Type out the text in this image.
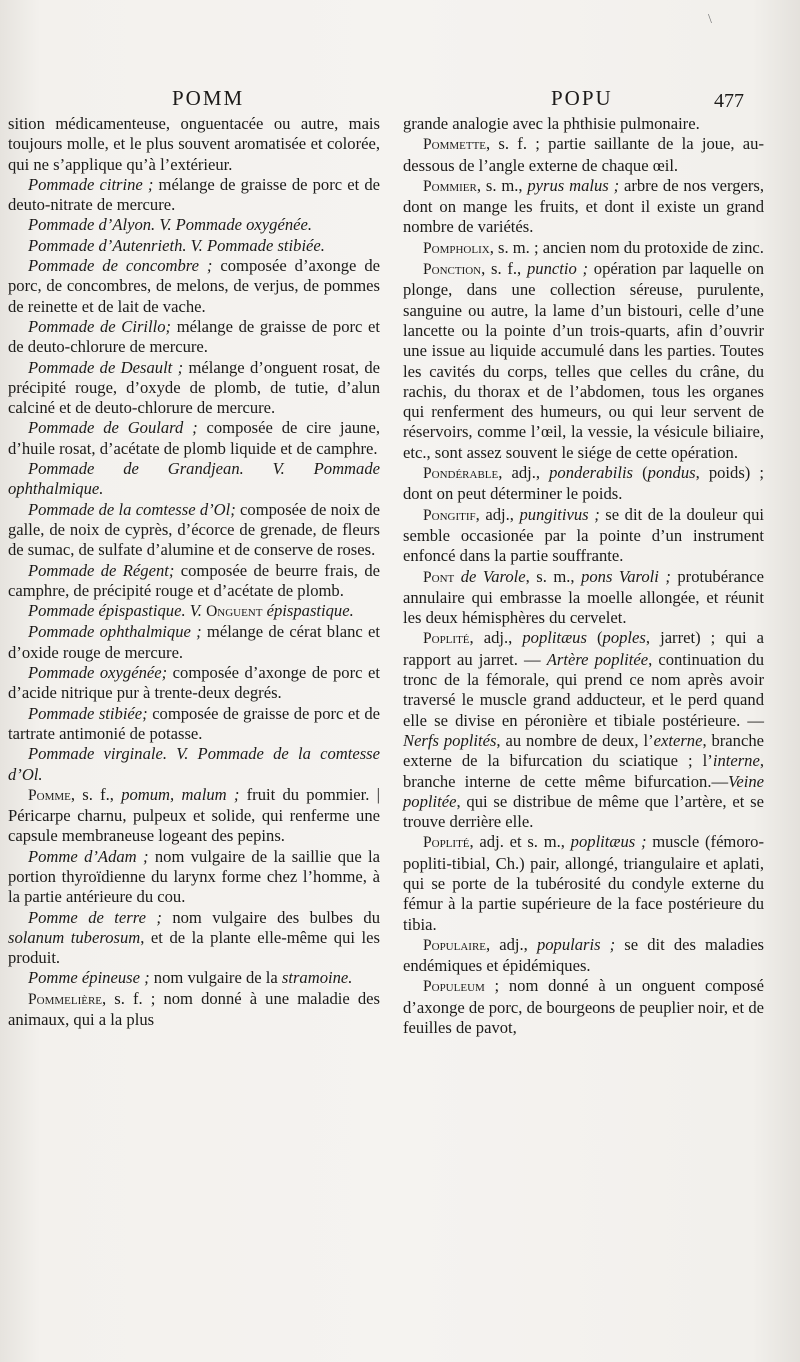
POMM	POPU	477
\

sition médicamenteuse, onguentacée ou autre, mais toujours molle, et le plus souvent aromatisée et colorée, qui ne s’applique qu’à l’extérieur.

Pommade citrine ; mélange de graisse de porc et de deuto-nitrate de mercure.

Pommade d’Alyon. V. Pommade oxygénée.

Pommade d’Autenrieth. V. Pommade stibiée.

Pommade de concombre ; composée d’axonge de porc, de concombres, de melons, de verjus, de pommes de reinette et de lait de vache.

Pommade de Cirillo; mélange de graisse de porc et de deuto-chlorure de mercure.

Pommade de Desault ; mélange d’onguent rosat, de précipité rouge, d’oxyde de plomb, de tutie, d’alun calciné et de deuto-chlorure de mercure.

Pommade de Goulard ; composée de cire jaune, d’huile rosat, d’acétate de plomb liquide et de camphre.

Pommade de Grandjean. V. Pommade ophthalmique.

Pommade de la comtesse d’Ol; composée de noix de galle, de noix de cyprès, d’écorce de grenade, de fleurs de sumac, de sulfate d’alumine et de conserve de roses.

Pommade de Régent; composée de beurre frais, de camphre, de précipité rouge et d’acétate de plomb.

Pommade épispastique. V. Onguent épispastique.

Pommade ophthalmique ; mélange de cérat blanc et d’oxide rouge de mercure.

Pommade oxygénée; composée d’axonge de porc et d’acide nitrique pur à trente-deux degrés.

Pommade stibiée; composée de graisse de porc et de tartrate antimonié de potasse.

Pommade virginale. V. Pommade de la comtesse d’Ol.

Pomme, s. f., pomum, malum ; fruit du pommier. | Péricarpe charnu, pulpeux et solide, qui renferme une capsule membraneuse logeant des pepins.

Pomme d’Adam ; nom vulgaire de la saillie que la portion thyroïdienne du larynx forme chez l’homme, à la partie antérieure du cou.

Pomme de terre ; nom vulgaire des bulbes du solanum tuberosum, et de la plante elle-même qui les produit.

Pomme épineuse ; nom vulgaire de la stramoine.

Pommelière, s. f. ; nom donné à une maladie des animaux, qui a la plus

grande analogie avec la phthisie pulmonaire.

Pommette, s. f. ; partie saillante de la joue, au-dessous de l’angle externe de chaque œil.

Pommier, s. m., pyrus malus ; arbre de nos vergers, dont on mange les fruits, et dont il existe un grand nombre de variétés.

Pompholix, s. m. ; ancien nom du protoxide de zinc.

Ponction, s. f., punctio ; opération par laquelle on plonge, dans une collection séreuse, purulente, sanguine ou autre, la lame d’un bistouri, celle d’une lancette ou la pointe d’un trois-quarts, afin d’ouvrir une issue au liquide accumulé dans les parties. Toutes les cavités du corps, telles que celles du crâne, du rachis, du thorax et de l’abdomen, tous les organes qui renferment des humeurs, ou qui leur servent de réservoirs, comme l’œil, la vessie, la vésicule biliaire, etc., sont assez souvent le siége de cette opération.

Pondérable, adj., ponderabilis (pondus, poids) ; dont on peut déterminer le poids.

Pongitif, adj., pungitivus ; se dit de la douleur qui semble occasionée par la pointe d’un instrument enfoncé dans la partie souffrante.

Pont de Varole, s. m., pons Varoli ; protubérance annulaire qui embrasse la moelle allongée, et réunit les deux hémisphères du cervelet.

Poplité, adj., poplitæus (poples, jarret) ; qui a rapport au jarret. — Artère poplitée, continuation du tronc de la fémorale, qui prend ce nom après avoir traversé le muscle grand adducteur, et le perd quand elle se divise en péronière et tibiale postérieure. — Nerfs poplités, au nombre de deux, l’externe, branche externe de la bifurcation du sciatique ; l’interne, branche interne de cette même bifurcation.—Veine poplitée, qui se distribue de même que l’artère, et se trouve derrière elle.

Poplité, adj. et s. m., poplitæus ; muscle (fémoro-popliti-tibial, Ch.) pair, allongé, triangulaire et aplati, qui se porte de la tubérosité du condyle externe du fémur à la partie supérieure de la face postérieure du tibia.

Populaire, adj., popularis ; se dit des maladies endémiques et épidémiques.

Populeum ; nom donné à un onguent composé d’axonge de porc, de bourgeons de peuplier noir, et de feuilles de pavot,
